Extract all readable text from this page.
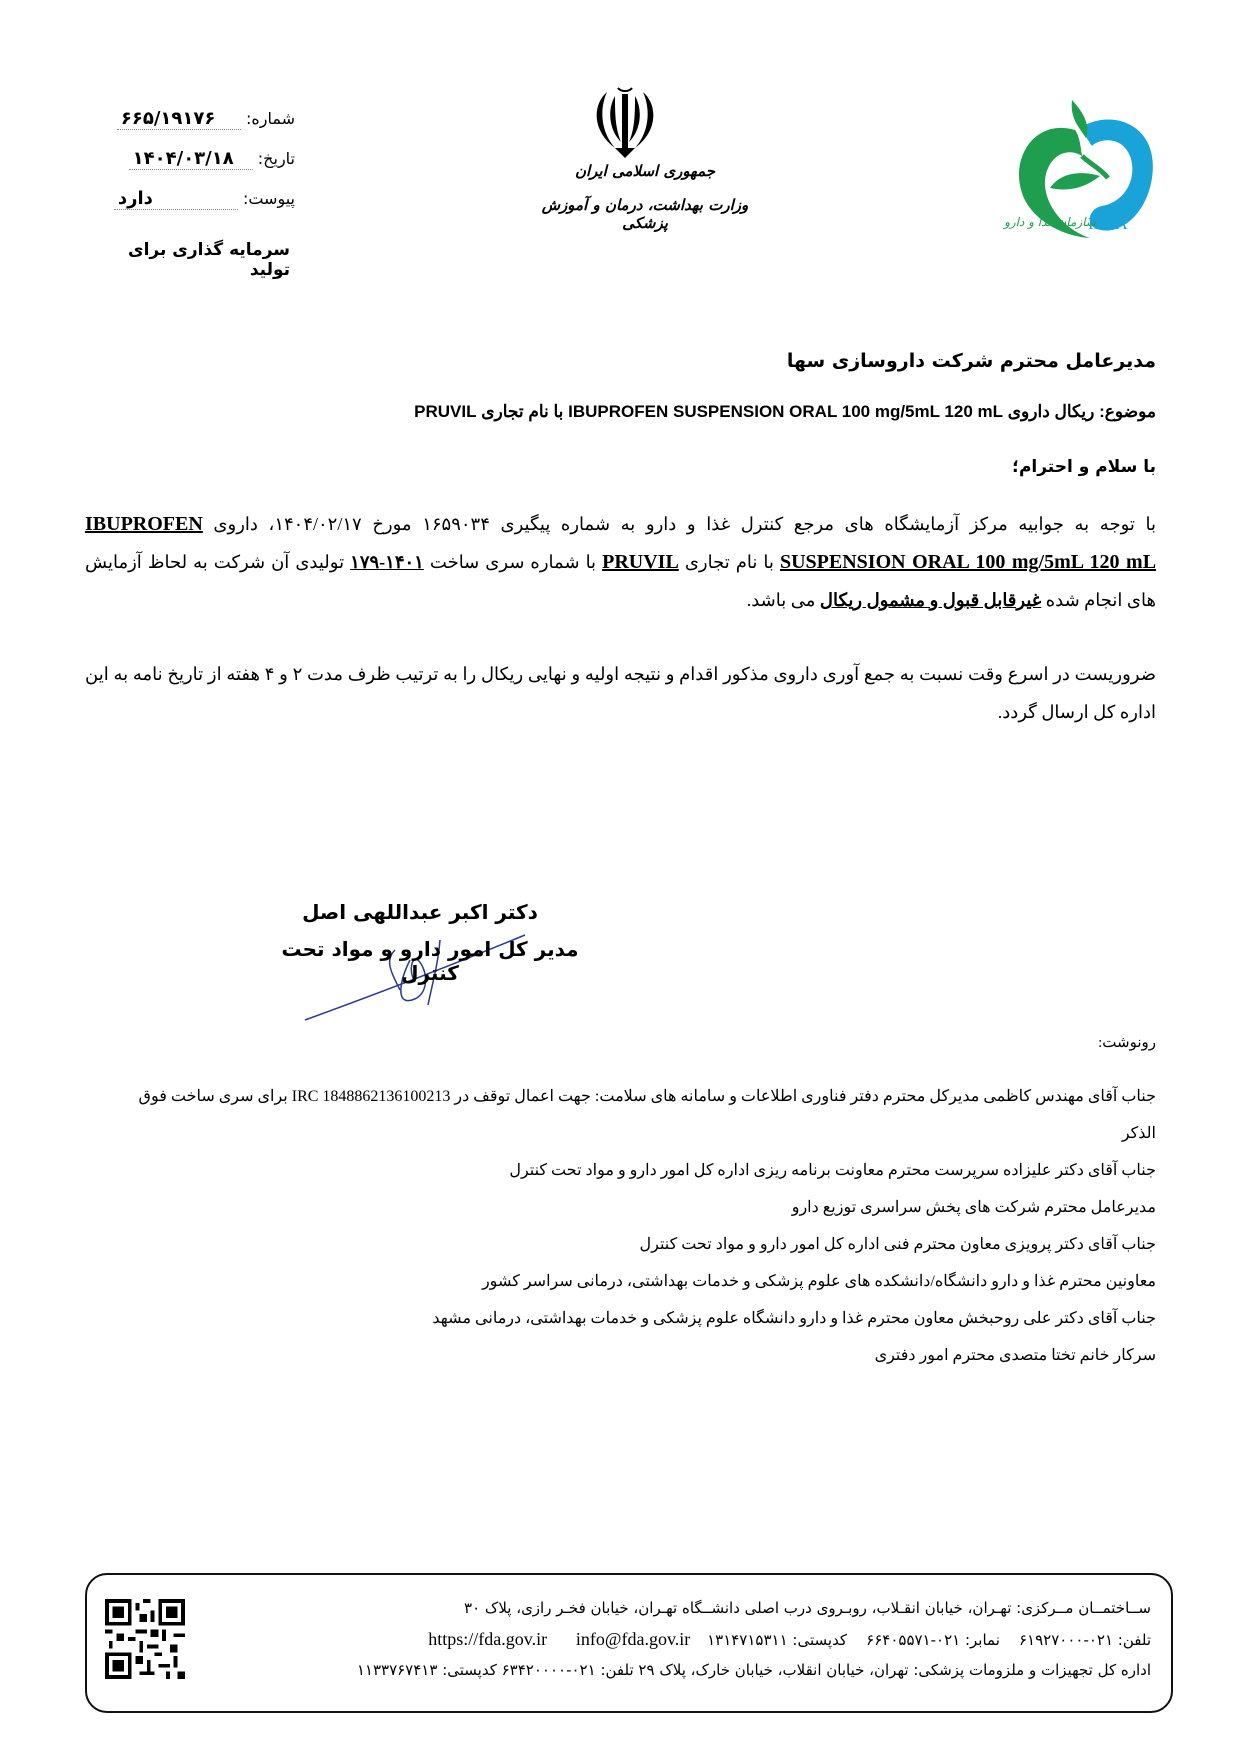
شماره: ۶۶۵/۱۹۱۷۶
تاریخ: ۱۴۰۴/۰۳/۱۸
پیوست: دارد
سرمایه گذاری برای تولید
جمهوری اسلامی ایران
وزارت بهداشت، درمان و آموزش پزشکی	سازمان غذا و دارو
IFDA
مدیرعامل محترم شرکت داروسازی سها
موضوع: ریکال داروی IBUPROFEN SUSPENSION ORAL 100 mg/5mL 120 mL با نام تجاری PRUVIL
با سلام و احترام؛
با توجه به جوابیه مرکز آزمایشگاه های مرجع کنترل غذا و دارو به شماره پیگیری ۱۶۵۹۰۳۴ مورخ ۱۴۰۴/۰۲/۱۷، داروی IBUPROFEN SUSPENSION ORAL 100 mg/5mL 120 mL با نام تجاری PRUVIL با شماره سری ساخت ۱۴۰۱-۱۷۹ تولیدی آن شرکت به لحاظ آزمایش های انجام شده غیرقابل قبول و مشمول ریکال می باشد.
ضروریست در اسرع وقت نسبت به جمع آوری داروی مذکور اقدام و نتیجه اولیه و نهایی ریکال را به ترتیب ظرف مدت ۲ و ۴ هفته از تاریخ نامه به این اداره کل ارسال گردد.
دکتر اکبر عبداللهی اصل
مدیر کل امور دارو و مواد تحت کنترل
رونوشت:
جناب آقای مهندس کاظمی مدیرکل محترم دفتر فناوری اطلاعات و سامانه های سلامت: جهت اعمال توقف در IRC 1848862136100213 برای سری ساخت فوق الذکر
جناب آقای دکتر علیزاده سرپرست محترم معاونت برنامه ریزی اداره کل امور دارو و مواد تحت کنترل
مدیرعامل محترم شرکت های پخش سراسری توزیع دارو
جناب آقای دکتر پرویزی معاون محترم فنی اداره کل امور دارو و مواد تحت کنترل
معاونین محترم غذا و دارو دانشگاه/دانشکده های علوم پزشکی و خدمات بهداشتی، درمانی سراسر کشور
جناب آقای دکتر علی روحبخش معاون محترم غذا و دارو دانشگاه علوم پزشکی و خدمات بهداشتی، درمانی مشهد
سرکار خانم تختا متصدی محترم امور دفتری
ســاختمــان مــرکزی: تهـران، خیابان انقـلاب، روبـروی درب اصلی دانشــگاه تهـران، خیابان فخـر رازی، پلاک ۳۰
تلفن: ۰۲۱-۶۱۹۲۷۰۰۰    نمابر: ۰۲۱-۶۶۴۰۵۵۷۱    کدپستی: ۱۳۱۴۷۱۵۳۱۱ info@fda.gov.ir https://fda.gov.ir
اداره کل تجهیزات و ملزومات پزشکی: تهران، خیابان انقلاب، خیابان خارک، پلاک ۲۹ تلفن: ۰۲۱-۶۳۴۲۰۰۰۰ کدپستی: ۱۱۳۳۷۶۷۴۱۳
